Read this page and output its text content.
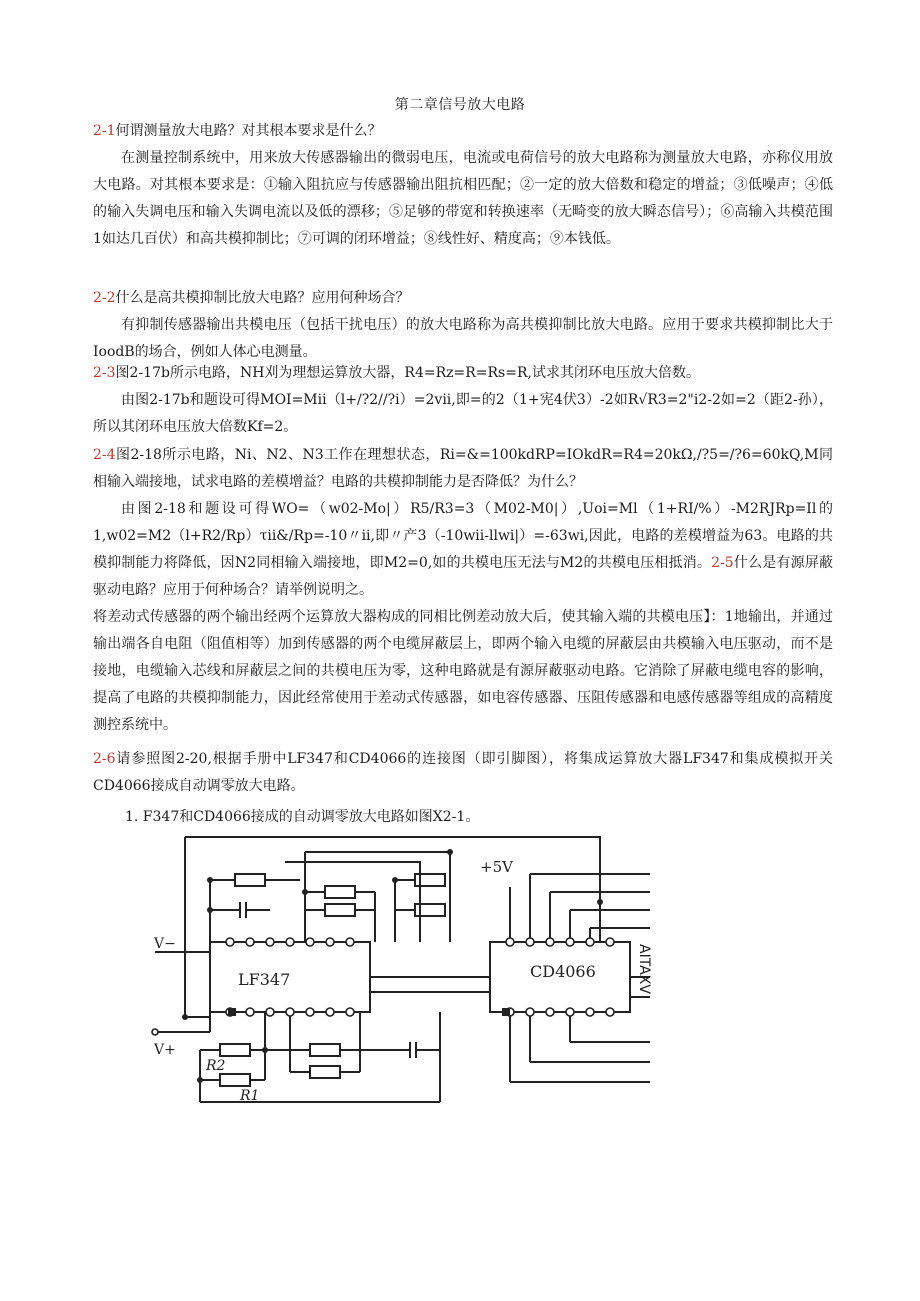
第二章信号放大电路

2-1何谓测量放大电路？对其根本要求是什么？

在测量控制系统中，用来放大传感器输出的微弱电压，电流或电荷信号的放大电路称为测量放大电路，亦称仪用放大电路。对其根本要求是：①输入阻抗应与传感器输出阻抗相匹配；②一定的放大倍数和稳定的增益；③低噪声；④低的输入失调电压和输入失调电流以及低的漂移；⑤足够的带宽和转换速率（无畸变的放大瞬态信号）；⑥高输入共模范围1如达几百伏）和高共模抑制比；⑦可调的闭环增益；⑧线性好、精度高；⑨本钱低。

2-2什么是高共模抑制比放大电路？应用何种场合？

有抑制传感器输出共模电压（包括干扰电压）的放大电路称为高共模抑制比放大电路。应用于要求共模抑制比大于IoodB的场合，例如人体心电测量。

2-3图2-17b所示电路，NH刈为理想运算放大器，R4=Rz=R=Rs=R,试求其闭环电压放大倍数。

由图2-17b和题设可得MOI=Mii（l+/?2//?i）=2vii,即=的2（1+宪4伏3）-2如R√R3=2"i2-2如=2（距2-孙），所以其闭环电压放大倍数Kf=2。

2-4图2-18所示电路，Ni、N2、N3工作在理想状态，Ri=&=100kdRP=IOkdR=R4=20kΩ,/?5=/?6=60kQ,M同相输入端接地，试求电路的差模增益？电路的共模抑制能力是否降低？为什么？

由图2-18和题设可得WO=（w02-Mo|）R5/R3=3（M02-M0|）,Uoi=Ml（1+RI/%）-M2RJRp=Il的1,w02=M2（l+R2/Rp）τii&/Rp=-10〃ii,即〃产3（-10wii-llwi|）=-63wi,因此，电路的差模增益为63。电路的共模抑制能力将降低，因N2同相输入端接地，即M2=0,如的共模电压无法与M2的共模电压相抵消。2-5什么是有源屏蔽驱动电路？应用于何种场合？请举例说明之。

将差动式传感器的两个输出经两个运算放大器构成的同相比例差动放大后，使其输入端的共模电压】：1地输出，并通过输出端各自电阻（阻值相等）加到传感器的两个电缆屏蔽层上，即两个输入电缆的屏蔽层由共模输入电压驱动，而不是接地，电缆输入芯线和屏蔽层之间的共模电压为零，这种电路就是有源屏蔽驱动电路。它消除了屏蔽电缆电容的影响，提高了电路的共模抑制能力，因此经常使用于差动式传感器，如电容传感器、压阻传感器和电感传感器等组成的高精度测控系统中。

2-6请参照图2-20,根据手册中LF347和CD4066的连接图（即引脚图），将集成运算放大器LF347和集成模拟开关CD4066接成自动调零放大电路。

1. F347和CD4066接成的自动调零放大电路如图X2-1。
LF347	CD4066
V−
V+
+5V
R2
R1
AITAXV
